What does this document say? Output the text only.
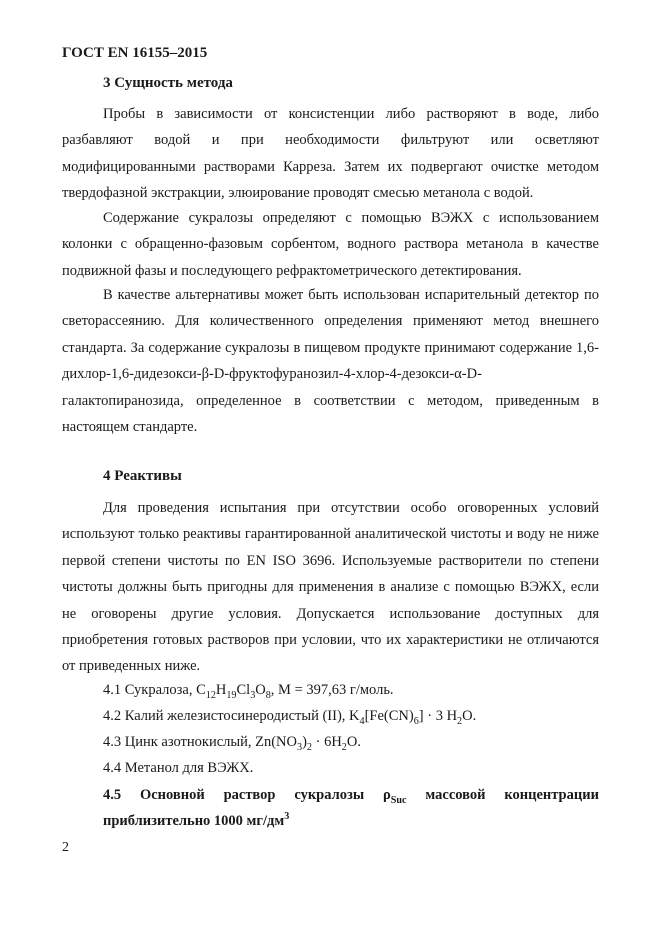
ГОСТ EN 16155–2015
3 Сущность метода

Пробы в зависимости от консистенции либо растворяют в воде, либо разбавляют водой и при необходимости фильтруют или осветляют модифицированными растворами Карреза. Затем их подвергают очистке методом твердофазной экстракции, элюирование проводят смесью метанола с водой.

Содержание сукралозы определяют с помощью ВЭЖХ с использованием колонки с обращенно-фазовым сорбентом, водного раствора метанола в качестве подвижной фазы и последующего рефрактометрического детектирования.

В качестве альтернативы может быть использован испарительный детектор по светорассеянию. Для количественного определения применяют метод внешнего стандарта. За содержание сукралозы в пищевом продукте принимают содержание 1,6-дихлор-1,6-дидезокси-β-D-фруктофуранозил-4-хлор-4-дезокси-α-D-галактопиранозида, определенное в соответствии с методом, приведенным в настоящем стандарте.

4 Реактивы

Для проведения испытания при отсутствии особо оговоренных условий используют только реактивы гарантированной аналитической чистоты и воду не ниже первой степени чистоты по EN ISO 3696. Используемые растворители по степени чистоты должны быть пригодны для применения в анализе с помощью ВЭЖХ, если не оговорены другие условия. Допускается использование доступных для приобретения готовых растворов при условии, что их характеристики не отличаются от приведенных ниже.

4.1 Сукралоза, $C_{12}H_{19}Cl_3O_8$, M = 397,63 г/моль.
4.2 Калий железистосинеродистый (II), $K_4[Fe(CN)_6] \cdot 3$ $H_2O$.
4.3 Цинк азотнокислый, $Zn(NO_3)_2 \cdot 6H_2O$.
4.4 Метанол для ВЭЖХ.
4.5 Основной раствор сукралозы $\rho_{Suc}$ массовой концентрации
приблизительно 1000 $мг/дм^3$
2
